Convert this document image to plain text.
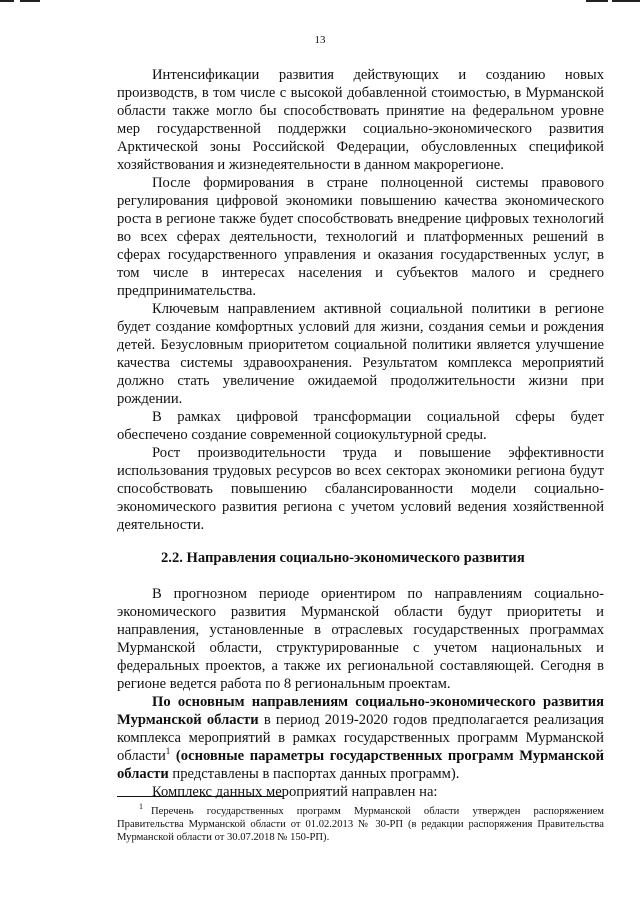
13

Интенсификации развития действующих и созданию новых производств, в том числе с высокой добавленной стоимостью, в Мурманской области также могло бы способствовать принятие на федеральном уровне мер государственной поддержки социально-экономического развития Арктической зоны Российской Федерации, обусловленных спецификой хозяйствования и жизнедеятельности в данном макрорегионе.

После формирования в стране полноценной системы правового регулирования цифровой экономики повышению качества экономического роста в регионе также будет способствовать внедрение цифровых технологий во всех сферах деятельности, технологий и платформенных решений в сферах государственного управления и оказания государственных услуг, в том числе в интересах населения и субъектов малого и среднего предпринимательства.

Ключевым направлением активной социальной политики в регионе будет создание комфортных условий для жизни, создания семьи и рождения детей. Безусловным приоритетом социальной политики является улучшение качества системы здравоохранения. Результатом комплекса мероприятий должно стать увеличение ожидаемой продолжительности жизни при рождении.

В рамках цифровой трансформации социальной сферы будет обеспечено создание современной социокультурной среды.

Рост производительности труда и повышение эффективности использования трудовых ресурсов во всех секторах экономики региона будут способствовать повышению сбалансированности модели социально-экономического развития региона с учетом условий ведения хозяйственной деятельности.

2.2. Направления социально-экономического развития

В прогнозном периоде ориентиром по направлениям социально-экономического развития Мурманской области будут приоритеты и направления, установленные в отраслевых государственных программах Мурманской области, структурированные с учетом национальных и федеральных проектов, а также их региональной составляющей. Сегодня в регионе ведется работа по 8 региональным проектам.

По основным направлениям социально-экономического развития Мурманской области в период 2019-2020 годов предполагается реализация комплекса мероприятий в рамках государственных программ Мурманской области$^1$ (основные параметры государственных программ Мурманской области представлены в паспортах данных программ).

Комплекс данных мероприятий направлен на:

$^1$ Перечень государственных программ Мурманской области утвержден распоряжением Правительства Мурманской области от 01.02.2013 № 30-РП (в редакции распоряжения Правительства Мурманской области от 30.07.2018 № 150-РП).
